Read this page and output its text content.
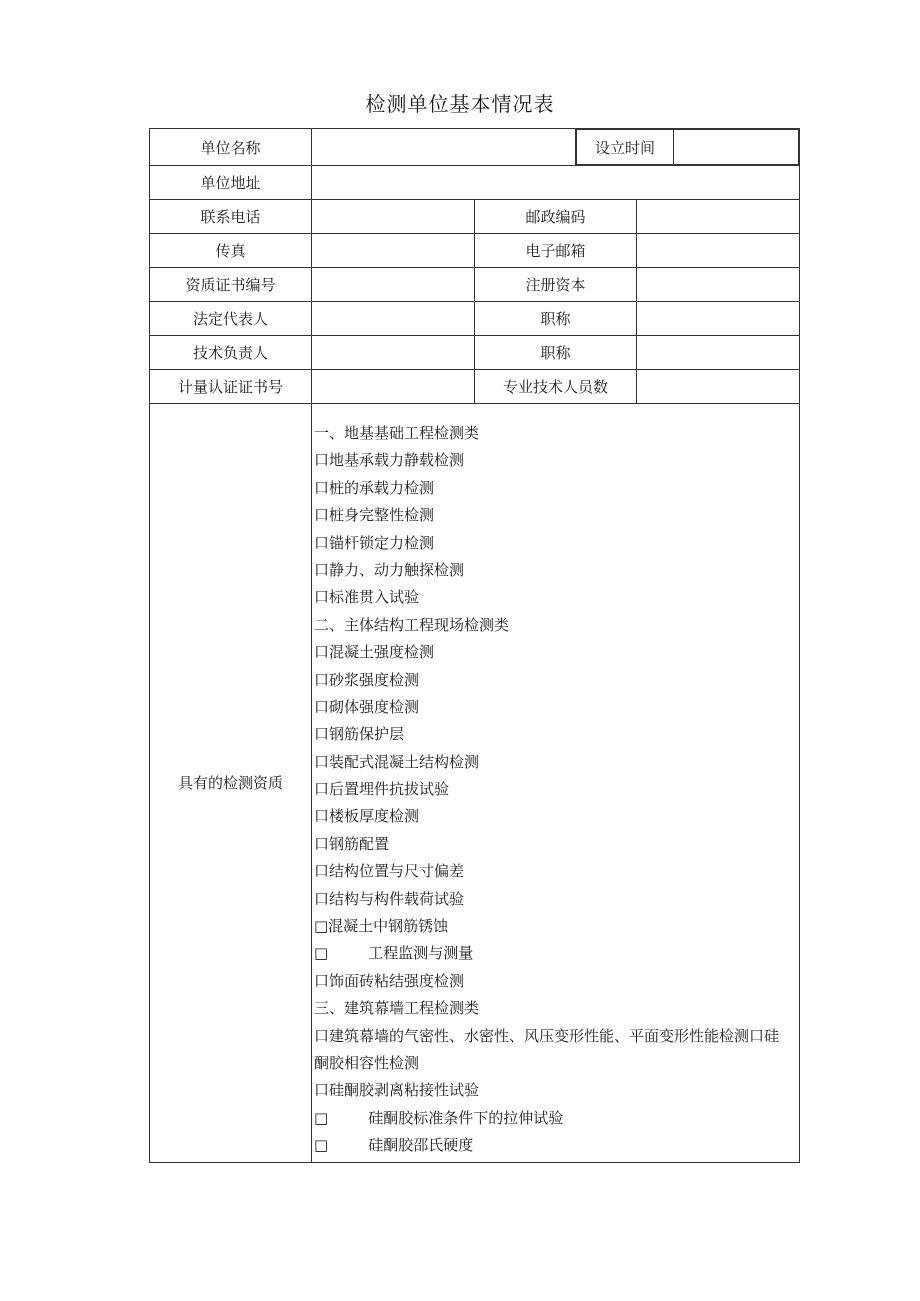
检测单位基本情况表
单位名称			设立时间	

单位地址	
联系电话		邮政编码	
传真		电子邮箱	
资质证书编号		注册资本	
法定代表人		职称	
技术负责人		职称	
计量认证证书号		专业技术人员数	
具有的检测资质	
一、地基基础工程检测类
口地基承载力静载检测
口桩的承载力检测
口桩身完整性检测
口锚杆锁定力检测
口静力、动力触探检测
口标准贯入试验
二、主体结构工程现场检测类
口混凝土强度检测
口砂浆强度检测
口砌体强度检测
口钢筋保护层
口装配式混凝土结构检测
口后置埋件抗拔试验
口楼板厚度检测
口钢筋配置
口结构位置与尺寸偏差
口结构与构件载荷试验
□混凝土中钢筋锈蚀
□	工程监测与测量
口饰面砖粘结强度检测
三、建筑幕墙工程检测类
口建筑幕墙的气密性、水密性、风压变形性能、平面变形性能检测口硅
酮胶相容性检测
口硅酮胶剥离粘接性试验
□	硅酮胶标准条件下的拉伸试验
□	硅酮胶邵氏硬度
